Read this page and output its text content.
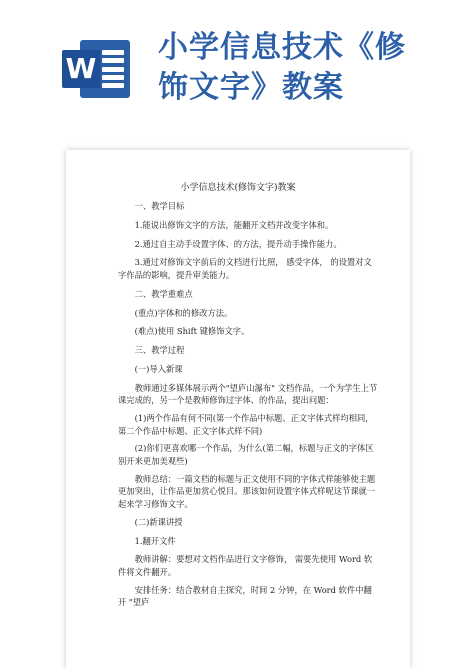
W
小学信息技术《修
饰文字》教案
小学信息技术(修饰文字)教案

一、教学目标

1.能说出修饰文字的方法，能翻开文档并改变字体和。

2.通过自主动手设置字体、的方法，提升动手操作能力。

3.通过对修饰文字前后的文档进行比照， 感受字体， 的设置对文字作品的影响，提升审美能力。

二、教学重难点

(重点)字体和的修改方法。

(难点)使用 Shift 键修饰文字。

三、教学过程

(一)导入新课

教师通过多媒体展示两个"望庐山瀑布" 文档作品，一个为学生上节课完成的，另一个是教师修饰过字体、的作品，提出问题：

(1)两个作品有何不同(第一个作品中标题、正文字体式样均相同，第二个作品中标题、正文字体式样不同)

(2)你们更喜欢哪一个作品，为什么(第二幅，标题与正文的字体区别开来更加美观些)

教师总结：一篇文档的标题与正文使用不同的字体式样能够使主题更加突出，让作品更加赏心悦目。那该如何设置字体式样呢这节课就一起来学习修饰文字。

(二)新课讲授

1.翻开文件

教师讲解：要想对文档作品进行文字修饰， 需要先使用 Word 软件将文件翻开。

安排任务：结合教材自主探究，时间 2 分钟，在 Word 软件中翻开 "望庐
